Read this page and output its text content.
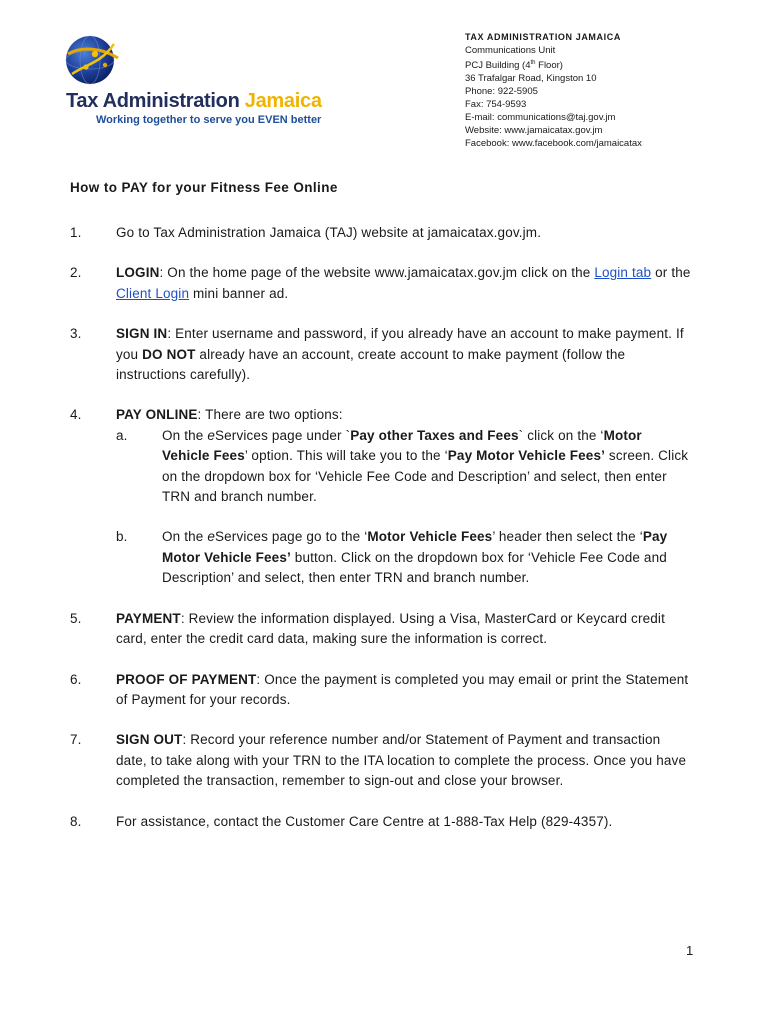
Tax Administration Jamaica
Working together to serve you EVEN better
TAX ADMINISTRATION JAMAICA
Communications Unit
PCJ Building (4th Floor)
36 Trafalgar Road, Kingston 10
Phone: 922-5905
Fax: 754-9593
E-mail: communications@taj.gov.jm
Website: www.jamaicatax.gov.jm
Facebook: www.facebook.com/jamaicatax
How to PAY for your Fitness Fee Online
1.	Go to Tax Administration Jamaica (TAJ) website at jamaicatax.gov.jm.
2.	LOGIN: On the home page of the website www.jamaicatax.gov.jm click on the Login tab or the Client Login mini banner ad.
3.	SIGN IN: Enter username and password, if you already have an account to make payment. If you DO NOT already have an account, create account to make payment (follow the instructions carefully).
4.	PAY ONLINE: There are two options:
a.	On the eServices page under `Pay other Taxes and Fees` click on the ‘Motor Vehicle Fees’ option. This will take you to the ‘Pay Motor Vehicle Fees’ screen. Click on the dropdown box for ‘Vehicle Fee Code and Description’ and select, then enter TRN and branch number.
b.	On the eServices page go to the ‘Motor Vehicle Fees’ header then select the ‘Pay Motor Vehicle Fees’ button. Click on the dropdown box for ‘Vehicle Fee Code and Description’ and select, then enter TRN and branch number.
5.	PAYMENT: Review the information displayed. Using a Visa, MasterCard or Keycard credit card, enter the credit card data, making sure the information is correct.
6.	PROOF OF PAYMENT: Once the payment is completed you may email or print the Statement of Payment for your records.
7.	SIGN OUT: Record your reference number and/or Statement of Payment and transaction date, to take along with your TRN to the ITA location to complete the process. Once you have completed the transaction, remember to sign-out and close your browser.
8.	For assistance, contact the Customer Care Centre at 1-888-Tax Help (829-4357).
1
